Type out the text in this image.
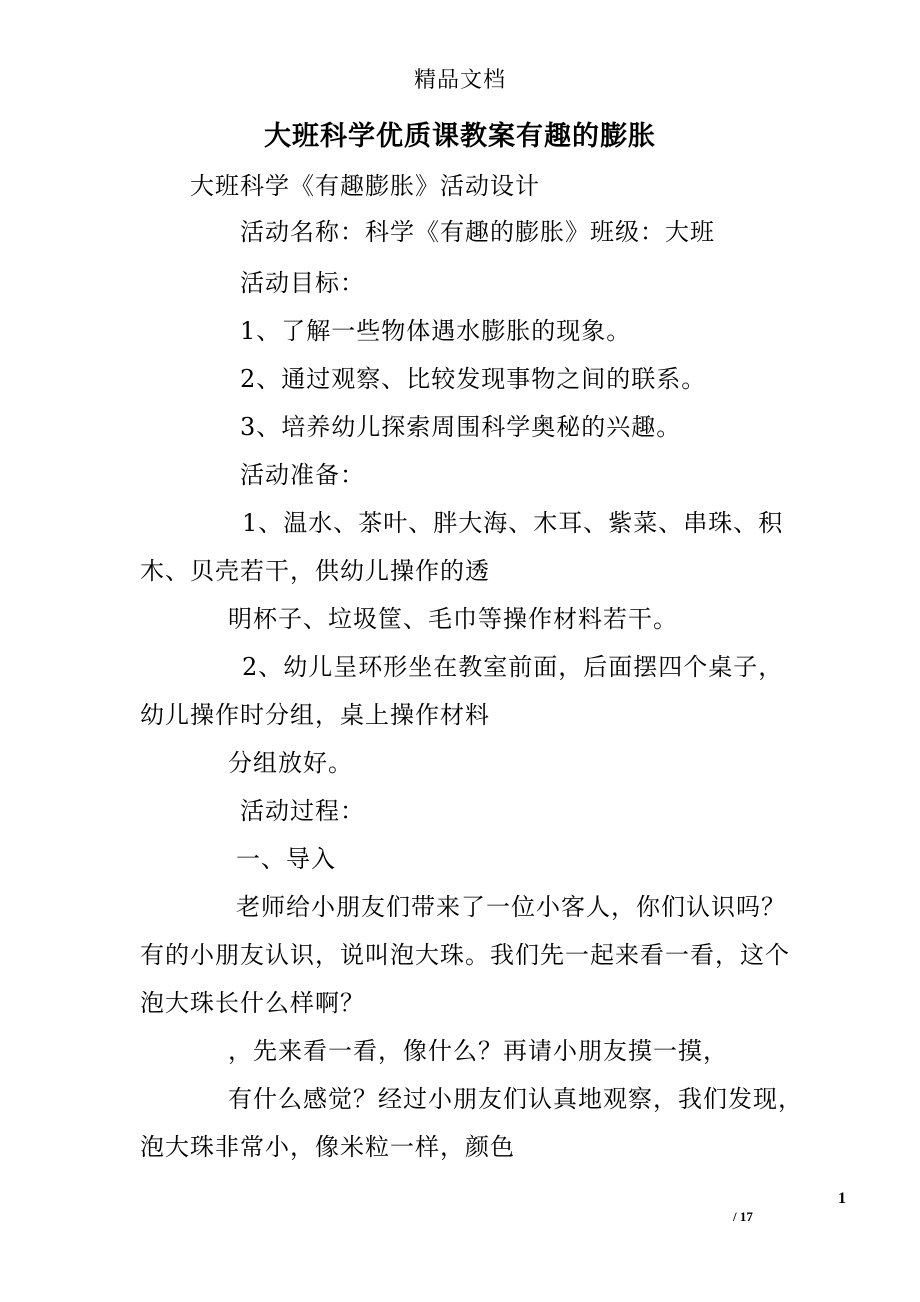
精品文档
大班科学优质课教案有趣的膨胀
大班科学《有趣膨胀》活动设计
活动名称：科学《有趣的膨胀》班级：大班
活动目标：
1、了解一些物体遇水膨胀的现象。
2、通过观察、比较发现事物之间的联系。
3、培养幼儿探索周围科学奥秘的兴趣。
活动准备：
1、温水、茶叶、胖大海、木耳、紫菜、串珠、积
木、贝壳若干，供幼儿操作的透
明杯子、垃圾筐、毛巾等操作材料若干。
2、幼儿呈环形坐在教室前面，后面摆四个桌子，
幼儿操作时分组，桌上操作材料
分组放好。
活动过程：
一、导入
老师给小朋友们带来了一位小客人，你们认识吗？
有的小朋友认识，说叫泡大珠。我们先一起来看一看，这个
泡大珠长什么样啊？
，先来看一看，像什么？再请小朋友摸一摸，
有什么感觉？经过小朋友们认真地观察，我们发现，
泡大珠非常小，像米粒一样，颜色
1
/ 17
